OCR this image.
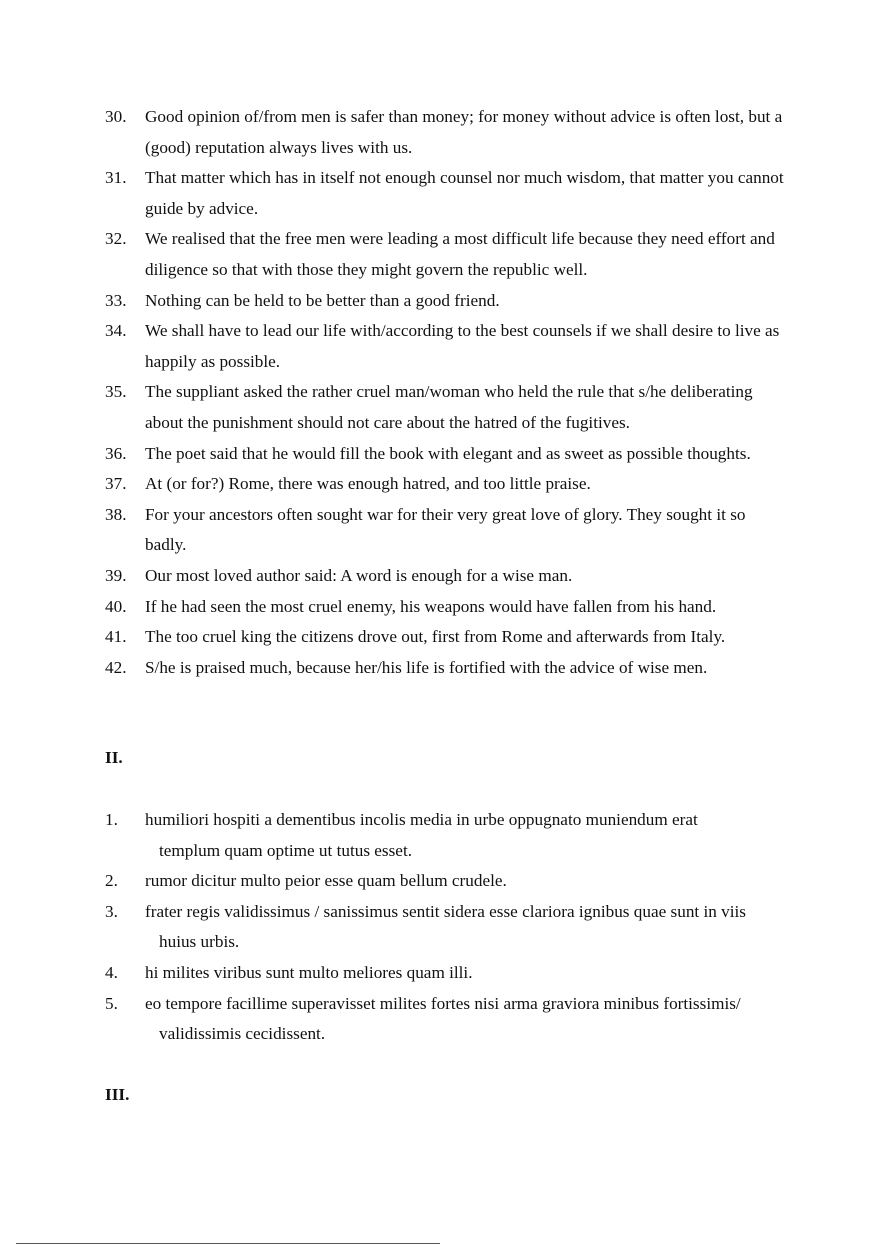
30.	Good opinion of/from men is safer than money; for money without advice is often lost, but a (good) reputation always lives with us.
31.	That matter which has in itself not enough counsel nor much wisdom, that matter you cannot guide by advice.
32.	We realised that the free men were leading a most difficult life because they need effort and diligence so that with those they might govern the republic well.
33.	Nothing can be held to be better than a good friend.
34.	We shall have to lead our life with/according to the best counsels if we shall desire to live as happily as possible.
35.	The suppliant asked the rather cruel man/woman who held the rule that s/he deliberating about the punishment should not care about the hatred of the fugitives.
36.	The poet said that he would fill the book with elegant and as sweet as possible thoughts.
37.	At (or for?) Rome, there was enough hatred, and too little praise.
38.	For your ancestors often sought war for their very great love of glory. They sought it so badly.
39.	Our most loved author said: A word is enough for a wise man.
40.	If he had seen the most cruel enemy, his weapons would have fallen from his hand.
41.	The too cruel king the citizens drove out, first from Rome and afterwards from Italy.
42.	S/he is praised much, because her/his life is fortified with the advice of wise men.
II.
1.	humiliori hospiti a dementibus incolis media in urbe oppugnato muniendum erat
templum quam optime ut tutus esset.
2.	rumor dicitur multo peior esse quam bellum crudele.
3.	frater regis validissimus / sanissimus sentit sidera esse clariora ignibus quae sunt in viis
huius urbis.
4.	hi milites viribus sunt multo meliores quam illi.
5.	eo tempore facillime superavisset milites fortes nisi arma graviora minibus fortissimis/
validissimis cecidissent.
III.
